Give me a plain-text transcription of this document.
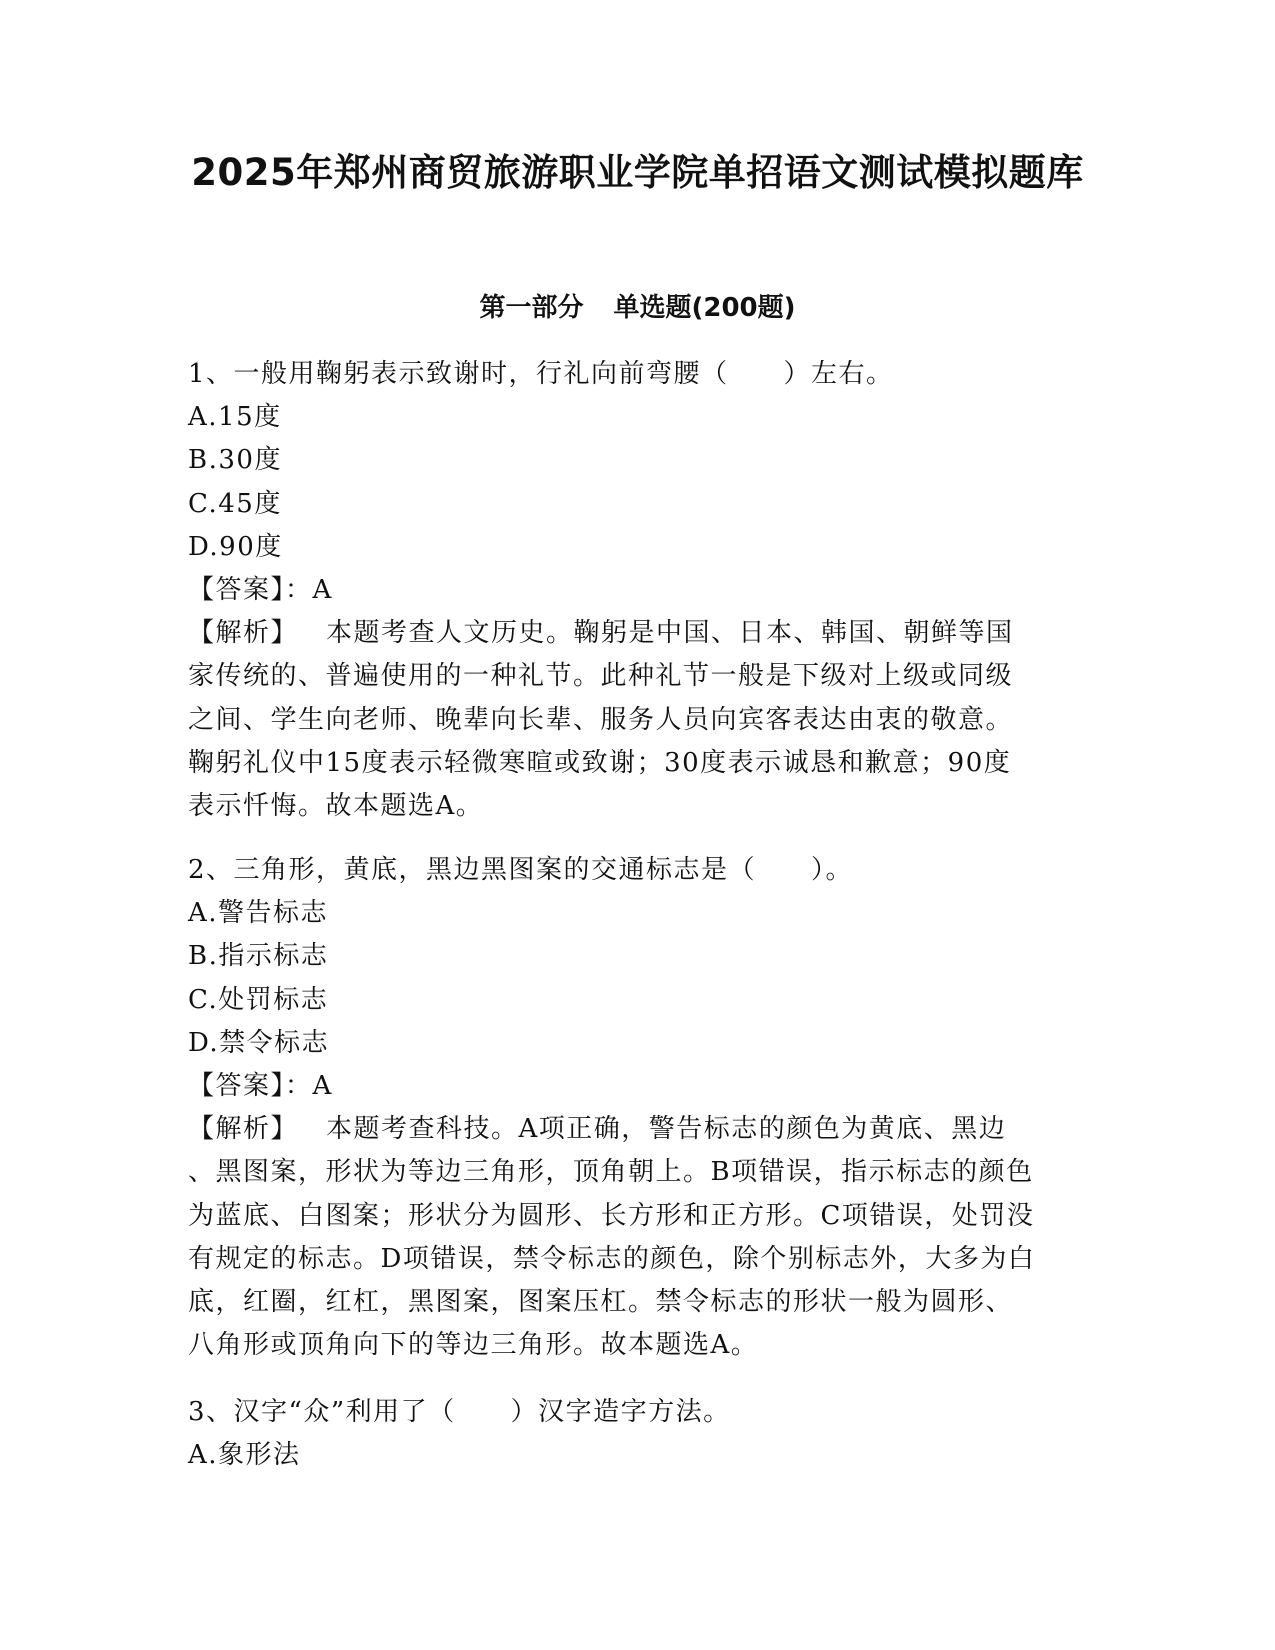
2025年郑州商贸旅游职业学院单招语文测试模拟题库
第一部分 单选题(200题)
1、一般用鞠躬表示致谢时，行礼向前弯腰（　　）左右。
A.15度
B.30度
C.45度
D.90度
【答案】：A
【解析】 本题考查人文历史。鞠躬是中国、日本、韩国、朝鲜等国
家传统的、普遍使用的一种礼节。此种礼节一般是下级对上级或同级
之间、学生向老师、晚辈向长辈、服务人员向宾客表达由衷的敬意。
鞠躬礼仪中15度表示轻微寒暄或致谢；30度表示诚恳和歉意；90度
表示忏悔。故本题选A。
2、三角形，黄底，黑边黑图案的交通标志是（　　）。
A.警告标志
B.指示标志
C.处罚标志
D.禁令标志
【答案】：A
【解析】 本题考查科技。A项正确，警告标志的颜色为黄底、黑边
、黑图案，形状为等边三角形，顶角朝上。B项错误，指示标志的颜色
为蓝底、白图案；形状分为圆形、长方形和正方形。C项错误，处罚没
有规定的标志。D项错误，禁令标志的颜色，除个别标志外，大多为白
底，红圈，红杠，黑图案，图案压杠。禁令标志的形状一般为圆形、
八角形或顶角向下的等边三角形。故本题选A。
3、汉字“众”利用了（　　）汉字造字方法。
A.象形法
